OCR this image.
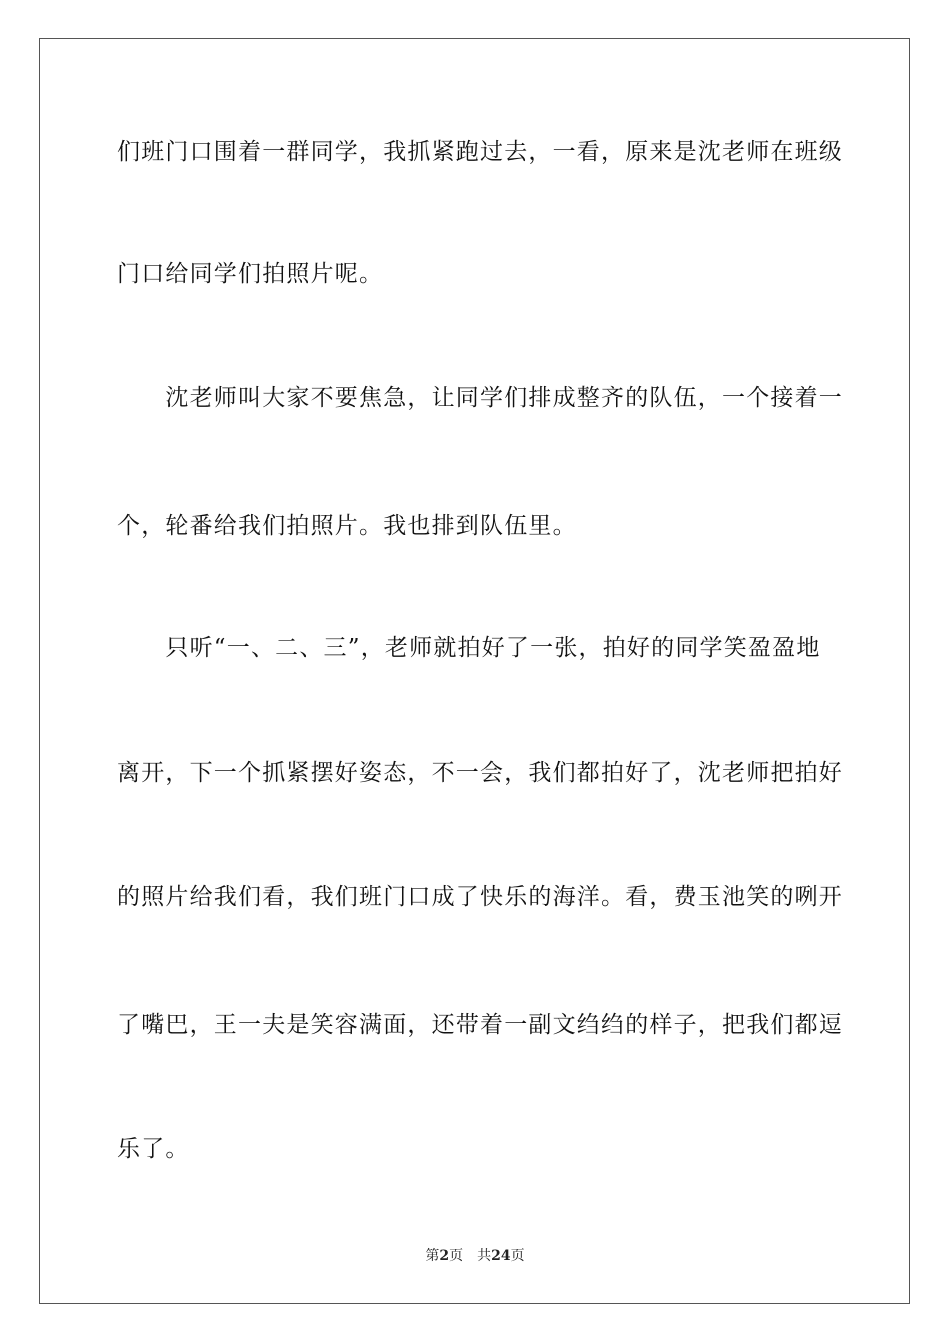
们班门口围着一群同学，我抓紧跑过去，一看，原来是沈老师在班级
门口给同学们拍照片呢。
　　沈老师叫大家不要焦急，让同学们排成整齐的队伍，一个接着一
个，轮番给我们拍照片。我也排到队伍里。
　　只听“一、二、三”，老师就拍好了一张，拍好的同学笑盈盈地
离开，下一个抓紧摆好姿态，不一会，我们都拍好了，沈老师把拍好
的照片给我们看，我们班门口成了快乐的海洋。看，费玉池笑的咧开
了嘴巴，王一夫是笑容满面，还带着一副文绉绉的样子，把我们都逗
乐了。
第2页 共24页
